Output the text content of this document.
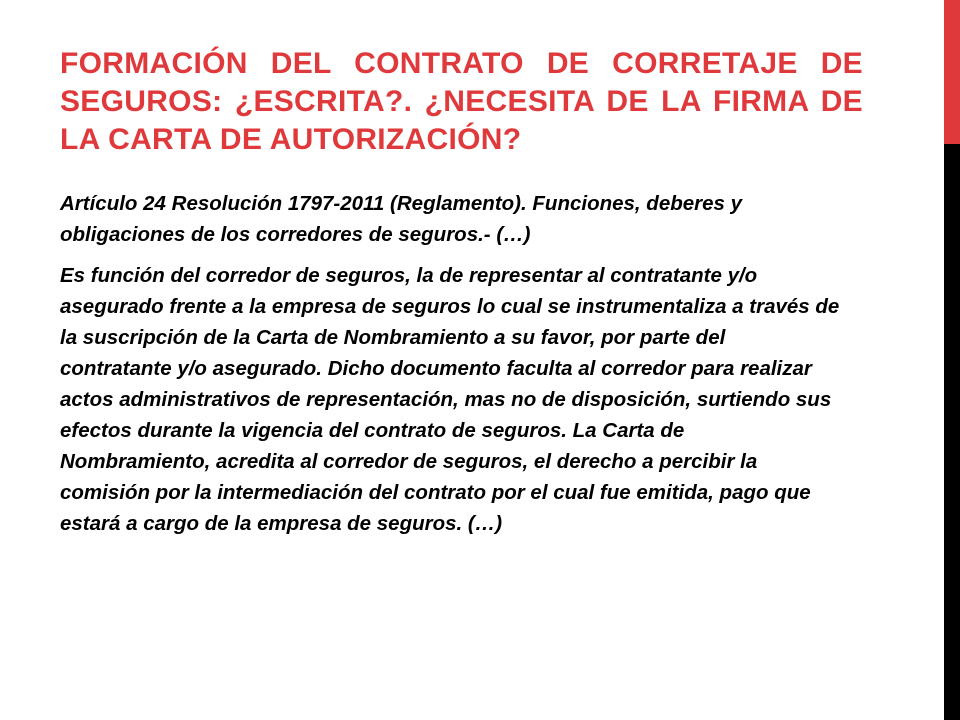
FORMACIÓN DEL CONTRATO DE CORRETAJE DE SEGUROS: ¿ESCRITA?. ¿NECESITA DE LA FIRMA DE LA CARTA DE AUTORIZACIÓN?

Artículo 24 Resolución 1797-2011 (Reglamento). Funciones, deberes y obligaciones de los corredores de seguros.- (…)

Es función del corredor de seguros, la de representar al contratante y/o asegurado frente a la empresa de seguros lo cual se instrumentaliza a través de la suscripción de la Carta de Nombramiento a su favor, por parte del contratante y/o asegurado. Dicho documento faculta al corredor para realizar actos administrativos de representación, mas no de disposición, surtiendo sus efectos durante la vigencia del contrato de seguros. La Carta de Nombramiento, acredita al corredor de seguros, el derecho a percibir la comisión por la intermediación del contrato por el cual fue emitida, pago que estará a cargo de la empresa de seguros. (…)
